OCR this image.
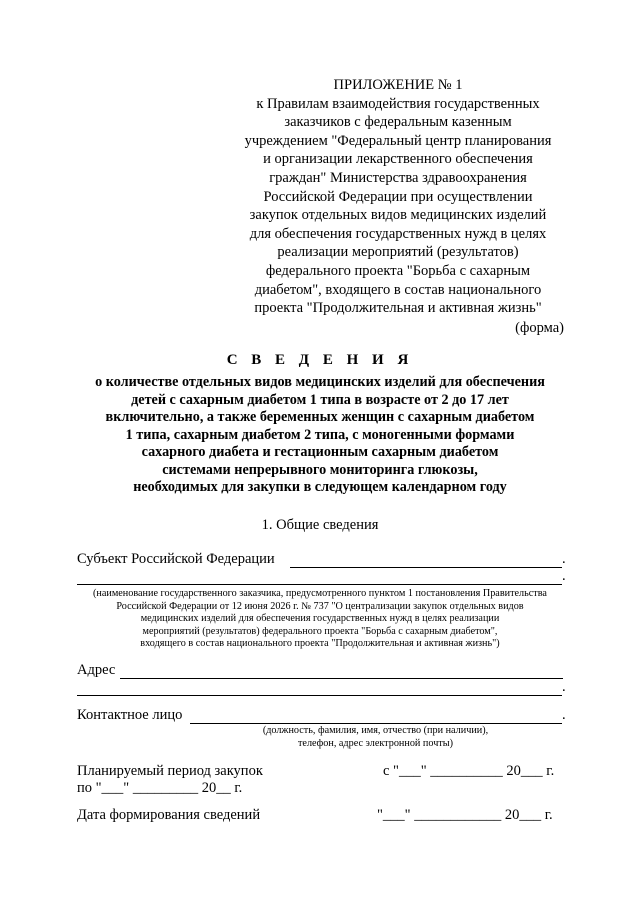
ПРИЛОЖЕНИЕ № 1
к Правилам взаимодействия государственных
заказчиков с федеральным казенным
учреждением "Федеральный центр планирования
и организации лекарственного обеспечения
граждан" Министерства здравоохранения
Российской Федерации при осуществлении
закупок отдельных видов медицинских изделий
для обеспечения государственных нужд в целях
реализации мероприятий (результатов)
федерального проекта "Борьба с сахарным
диабетом", входящего в состав национального
проекта "Продолжительная и активная жизнь"
(форма)
С В Е Д Е Н И Я
о количестве отдельных видов медицинских изделий для обеспечения
детей с сахарным диабетом 1 типа в возрасте от 2 до 17 лет
включительно, а также беременных женщин с сахарным диабетом
1 типа, сахарным диабетом 2 типа, с моногенными формами
сахарного диабета и гестационным сахарным диабетом
системами непрерывного мониторинга глюкозы,
необходимых для закупки в следующем календарном году
1. Общие сведения
Субъект Российской Федерации	.
.
(наименование государственного заказчика, предусмотренного пунктом 1 постановления Правительства
Российской Федерации от 12 июня 2026 г. № 737 "О централизации закупок отдельных видов
медицинских изделий для обеспечения государственных нужд в целях реализации
мероприятий (результатов) федерального проекта "Борьба с сахарным диабетом",
входящего в состав национального проекта "Продолжительная и активная жизнь")
Адрес
.
Контактное лицо	.
(должность, фамилия, имя, отчество (при наличии),
телефон, адрес электронной почты)
Планируемый период закупок	с "___" __________ 20___ г.
по "___" _________ 20__ г.
Дата формирования сведений	"___" ____________ 20___ г.
